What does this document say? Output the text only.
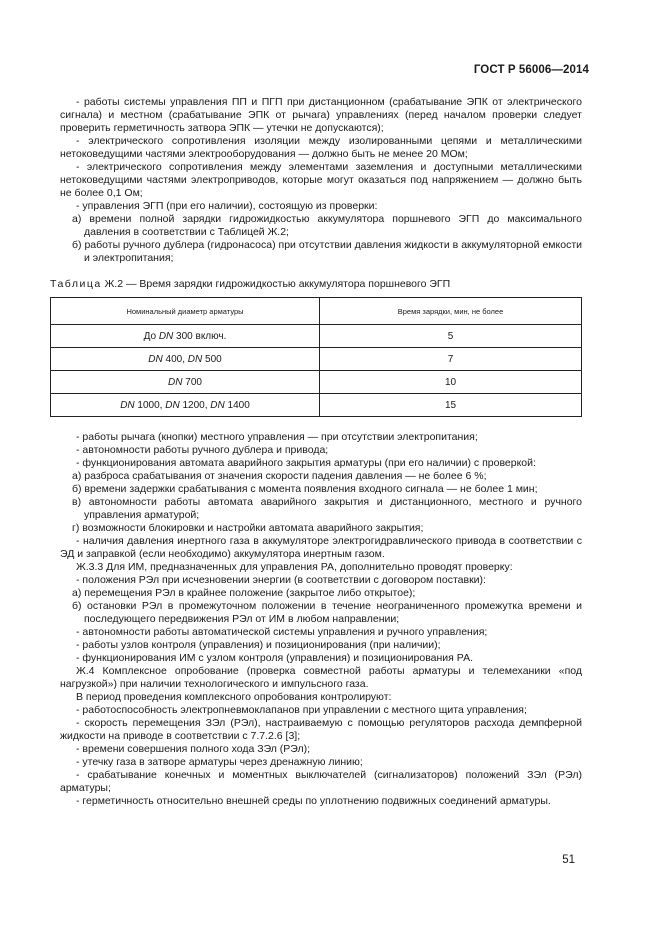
ГОСТ Р 56006—2014

- работы системы управления ПП и ПГП при дистанционном (срабатывание ЭПК от электрического сигнала) и местном (срабатывание ЭПК от рычага) управлениях (перед началом проверки следует проверить герметичность затвора ЭПК — утечки не допускаются);

- электрического сопротивления изоляции между изолированными цепями и металлическими нетоковедущими частями электрооборудования — должно быть не менее 20 МОм;

- электрического сопротивления между элементами заземления и доступными металлическими нетоковедущими частями электроприводов, которые могут оказаться под напряжением — должно быть не более 0,1 Ом;

- управления ЭГП (при его наличии), состоящую из проверки:

а) времени полной зарядки гидрожидкостью аккумулятора поршневого ЭГП до максимального давления в соответствии с Таблицей Ж.2;

б) работы ручного дублера (гидронасоса) при отсутствии давления жидкости в аккумуляторной емкости и электропитания;

Таблица Ж.2 — Время зарядки гидрожидкостью аккумулятора поршневого ЭГП
Номинальный диаметр арматуры	Время зарядки, мин, не более
До DN 300 включ.	5
DN 400, DN 500	7
DN 700	10
DN 1000, DN 1200, DN 1400	15

- работы рычага (кнопки) местного управления — при отсутствии электропитания;

- автономности работы ручного дублера и привода;

- функционирования автомата аварийного закрытия арматуры (при его наличии) с проверкой:

а) разброса срабатывания от значения скорости падения давления — не более 6 %;

б) времени задержки срабатывания с момента появления входного сигнала — не более 1 мин;

в) автономности работы автомата аварийного закрытия и дистанционного, местного и ручного управления арматурой;

г) возможности блокировки и настройки автомата аварийного закрытия;

- наличия давления инертного газа в аккумуляторе электрогидравлического привода в соответствии с ЭД и заправкой (если необходимо) аккумулятора инертным газом.

Ж.3.3 Для ИМ, предназначенных для управления РА, дополнительно проводят проверку:

- положения РЭл при исчезновении энергии (в соответствии с договором поставки):

а) перемещения РЭл в крайнее положение (закрытое либо открытое);

б) остановки РЭл в промежуточном положении в течение неограниченного промежутка времени и последующего передвижения РЭл от ИМ в любом направлении;

- автономности работы автоматической системы управления и ручного управления;

- работы узлов контроля (управления) и позиционирования (при наличии);

- функционирования ИМ с узлом контроля (управления) и позиционирования РА.

Ж.4 Комплексное опробование (проверка совместной работы арматуры и телемеханики «под нагрузкой») при наличии технологического и импульсного газа.

В период проведения комплексного опробования контролируют:

- работоспособность электропневмоклапанов при управлении с местного щита управления;

- скорость перемещения ЗЭл (РЭл), настраиваемую с помощью регуляторов расхода демпферной жидкости на приводе в соответствии с 7.7.2.6 [3];

- времени совершения полного хода ЗЭл (РЭл);

- утечку газа в затворе арматуры через дренажную линию;

- срабатывание конечных и моментных выключателей (сигнализаторов) положений ЗЭл (РЭл) арматуры;

- герметичность относительно внешней среды по уплотнению подвижных соединений арматуры.

51
